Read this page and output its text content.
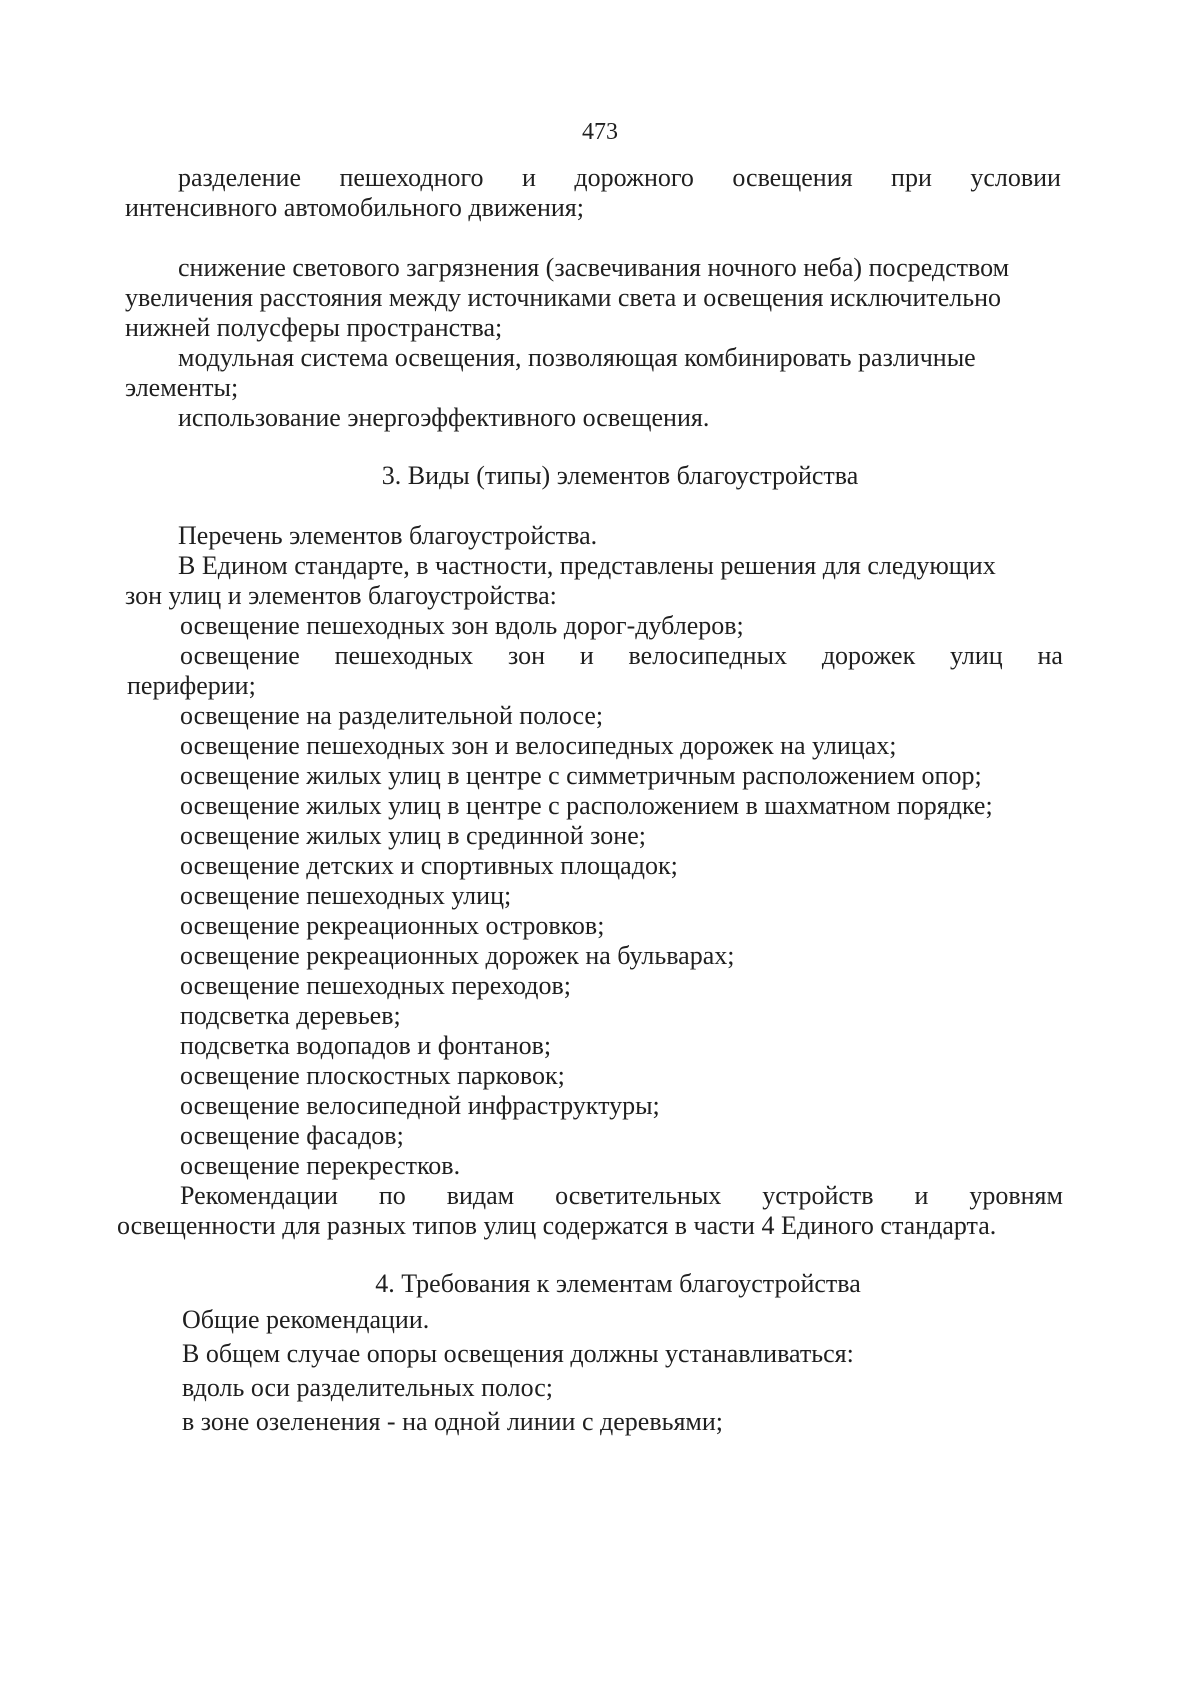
473
разделение пешеходного и дорожного освещения при условии
интенсивного автомобильного движения;
снижение светового загрязнения (засвечивания ночного неба) посредством
увеличения расстояния между источниками света и освещения исключительно
нижней полусферы пространства;
модульная система освещения, позволяющая комбинировать различные
элементы;
использование энергоэффективного освещения.
3. Виды (типы) элементов благоустройства
Перечень элементов благоустройства.
В Едином стандарте, в частности, представлены решения для следующих
зон улиц и элементов благоустройства:
освещение пешеходных зон вдоль дорог-дублеров;
освещение пешеходных зон и велосипедных дорожек улиц на
периферии;
освещение на разделительной полосе;
освещение пешеходных зон и велосипедных дорожек на улицах;
освещение жилых улиц в центре с симметричным расположением опор;
освещение жилых улиц в центре с расположением в шахматном порядке;
освещение жилых улиц в срединной зоне;
освещение детских и спортивных площадок;
освещение пешеходных улиц;
освещение рекреационных островков;
освещение рекреационных дорожек на бульварах;
освещение пешеходных переходов;
подсветка деревьев;
подсветка водопадов и фонтанов;
освещение плоскостных парковок;
освещение велосипедной инфраструктуры;
освещение фасадов;
освещение перекрестков.
Рекомендации по видам осветительных устройств и уровням
освещенности для разных типов улиц содержатся в части 4 Единого стандарта.
4. Требования к элементам благоустройства
Общие рекомендации.
В общем случае опоры освещения должны устанавливаться:
вдоль оси разделительных полос;
в зоне озеленения - на одной линии с деревьями;
